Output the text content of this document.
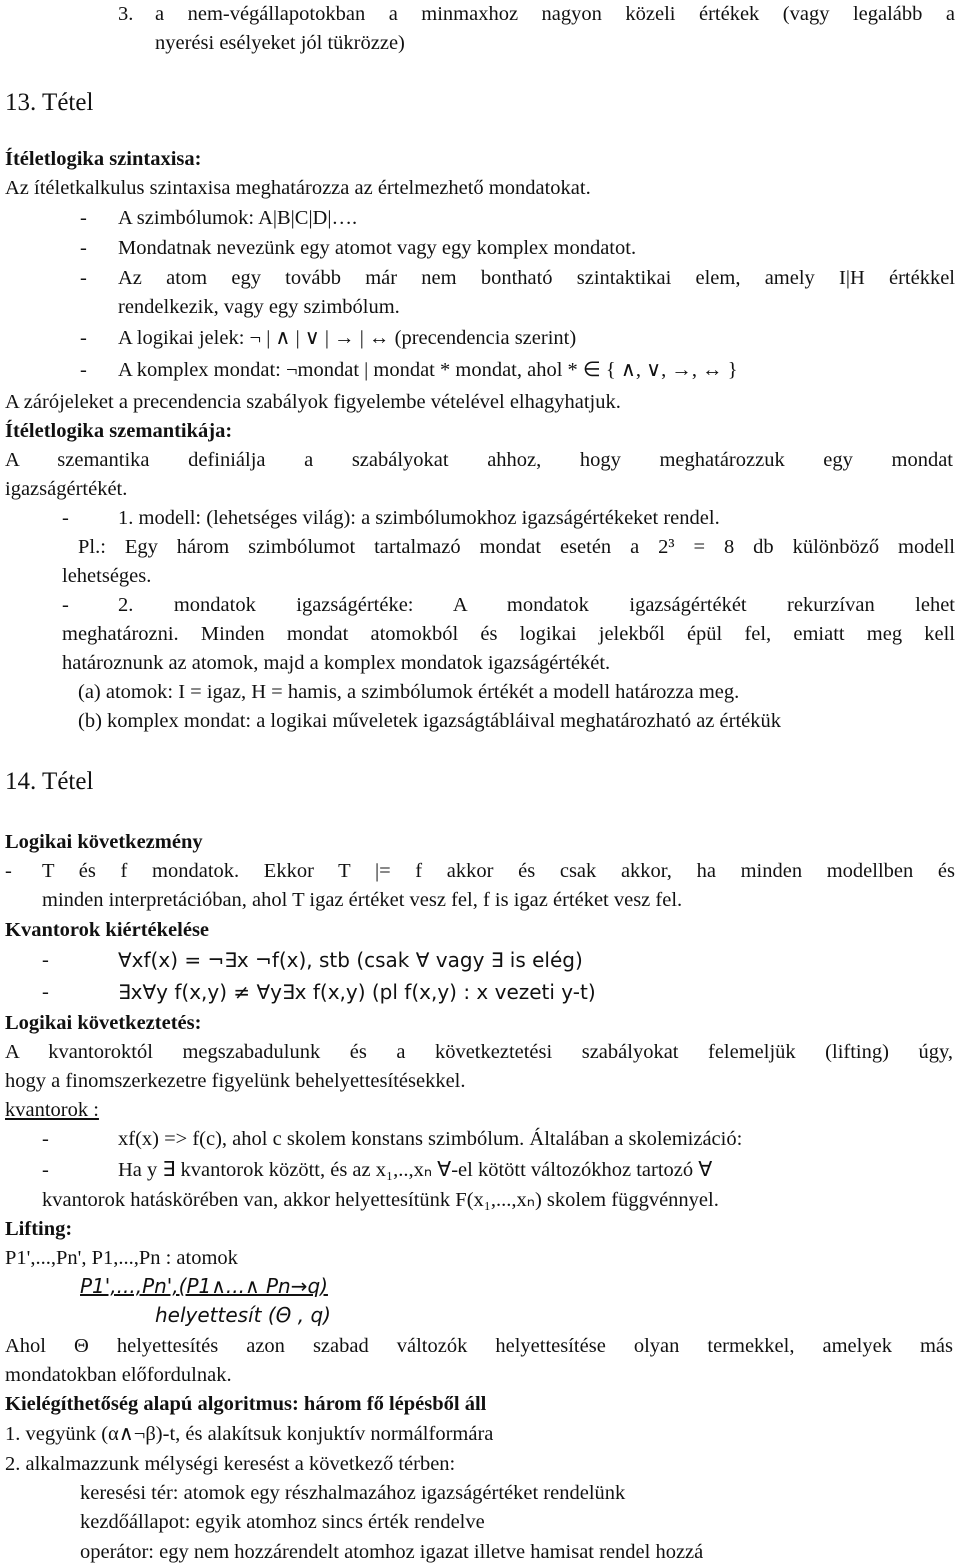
3. a nem-végállapotokban a minmaxhoz nagyon közeli értékek (vagy legalább a
nyerési esélyeket jól tükrözze)
13. Tétel
Ítéletlogika szintaxisa:
Az ítéletkalkulus szintaxisa meghatározza az értelmezhető mondatokat.
- A szimbólumok: A|B|C|D|….
- Mondatnak nevezünk egy atomot vagy egy komplex mondatot.
- Az atom egy tovább már nem bontható szintaktikai elem, amely I|H értékkel
rendelkezik, vagy egy szimbólum.
- A logikai jelek: ¬ | ∧ | ∨ | → | ↔ (precendencia szerint)
- A komplex mondat: ¬mondat | mondat * mondat, ahol * ∈ { ∧, ∨, →, ↔ }
A zárójeleket a precendencia szabályok figyelembe vételével elhagyhatjuk.
Ítéletlogika szemantikája:
A szemantika definiálja a szabályokat ahhoz, hogy meghatározzuk egy mondat
igazságértékét.
- 1. modell: (lehetséges világ): a szimbólumokhoz igazságértékeket rendel.
Pl.: Egy három szimbólumot tartalmazó mondat esetén a 2³ = 8 db különböző modell
lehetséges.
- 2. mondatok igazságértéke: A mondatok igazságértékét rekurzívan lehet
meghatározni. Minden mondat atomokból és logikai jelekből épül fel, emiatt meg kell
határoznunk az atomok, majd a komplex mondatok igazságértékét.
(a) atomok: I = igaz, H = hamis, a szimbólumok értékét a modell határozza meg.
(b) komplex mondat: a logikai műveletek igazságtábláival meghatározható az értékük
14. Tétel
Logikai következmény
- T és f mondatok. Ekkor T |= f akkor és csak akkor, ha minden modellben és
minden interpretációban, ahol T igaz értéket vesz fel, f is igaz értéket vesz fel.
Kvantorok kiértékelése
-	∀xf(x) = ¬∃x ¬f(x), stb (csak ∀ vagy ∃ is elég)
-	∃x∀y f(x,y) ≠ ∀y∃x f(x,y) (pl f(x,y) : x vezeti y-t)
Logikai következtetés:
A kvantoroktól megszabadulunk és a következtetési szabályokat felemeljük (lifting) úgy,
hogy a finomszerkezetre figyelünk behelyettesítésekkel.
kvantorok :
-	xf(x) => f(c), ahol c skolem konstans szimbólum. Általában a skolemizáció:
-	Ha y ∃ kvantorok között, és az x₁,..,xₙ ∀-el kötött változókhoz tartozó ∀
kvantorok hatáskörében van, akkor helyettesítünk F(x₁,...,xₙ) skolem függvénnyel.
Lifting:
P1',...,Pn', P1,...,Pn : atomok
P1',...,Pn',(P1∧...∧ Pn→q)
helyettesít (Θ , q)
Ahol Θ helyettesítés azon szabad változók helyettesítése olyan termekkel, amelyek más
mondatokban előfordulnak.
Kielégíthetőség alapú algoritmus: három fő lépésből áll
1. vegyünk (α∧¬β)-t, és alakítsuk konjuktív normálformára
2. alkalmazzunk mélységi keresést a következő térben:
keresési tér: atomok egy részhalmazához igazságértéket rendelünk
kezdőállapot: egyik atomhoz sincs érték rendelve
operátor: egy nem hozzárendelt atomhoz igazat illetve hamisat rendel hozzá
